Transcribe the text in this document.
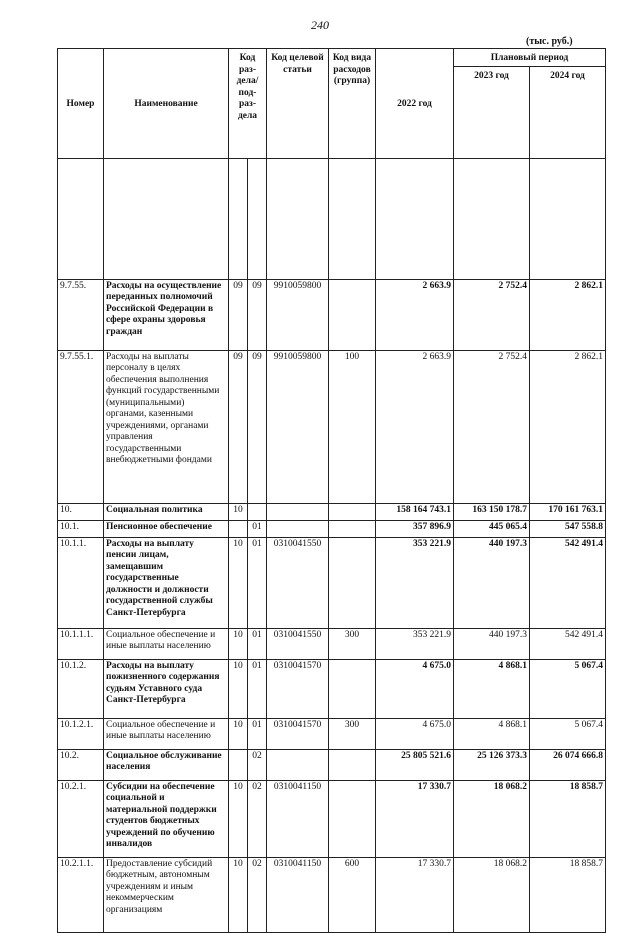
240
(тыс. руб.)
Номер	Наименование	Код раз-дела/ под-раз-дела		Код целевой статьи	Код вида расходов (группа)	2022 год	Плановый период	
							2023 год	2024 год

9.7.55.	Расходы на осуществление переданных полномочий Российской Федерации в сфере охраны здоровья граждан	09	09	9910059800		2 663.9	2 752.4	2 862.1
9.7.55.1.	Расходы на выплаты персоналу в целях обеспечения выполнения функций государственными (муниципальными) органами, казенными учреждениями, органами управления государственными внебюджетными фондами	09	09	9910059800	100	2 663.9	2 752.4	2 862.1
10.	Социальная политика	10				158 164 743.1	163 150 178.7	170 161 763.1
10.1.	Пенсионное обеспечение		01			357 896.9	445 065.4	547 558.8
10.1.1.	Расходы на выплату пенсии лицам, замещавшим государственные должности и должности государственной службы Санкт-Петербурга	10	01	0310041550		353 221.9	440 197.3	542 491.4
10.1.1.1.	Социальное обеспечение и иные выплаты населению	10	01	0310041550	300	353 221.9	440 197.3	542 491.4
10.1.2.	Расходы на выплату пожизненного содержания судьям Уставного суда Санкт-Петербурга	10	01	0310041570		4 675.0	4 868.1	5 067.4
10.1.2.1.	Социальное обеспечение и иные выплаты населению	10	01	0310041570	300	4 675.0	4 868.1	5 067.4
10.2.	Социальное обслуживание населения		02			25 805 521.6	25 126 373.3	26 074 666.8
10.2.1.	Субсидии на обеспечение социальной и материальной поддержки студентов бюджетных учреждений по обучению инвалидов	10	02	0310041150		17 330.7	18 068.2	18 858.7
10.2.1.1.	Предоставление субсидий бюджетным, автономным учреждениям и иным некоммерческим организациям	10	02	0310041150	600	17 330.7	18 068.2	18 858.7
